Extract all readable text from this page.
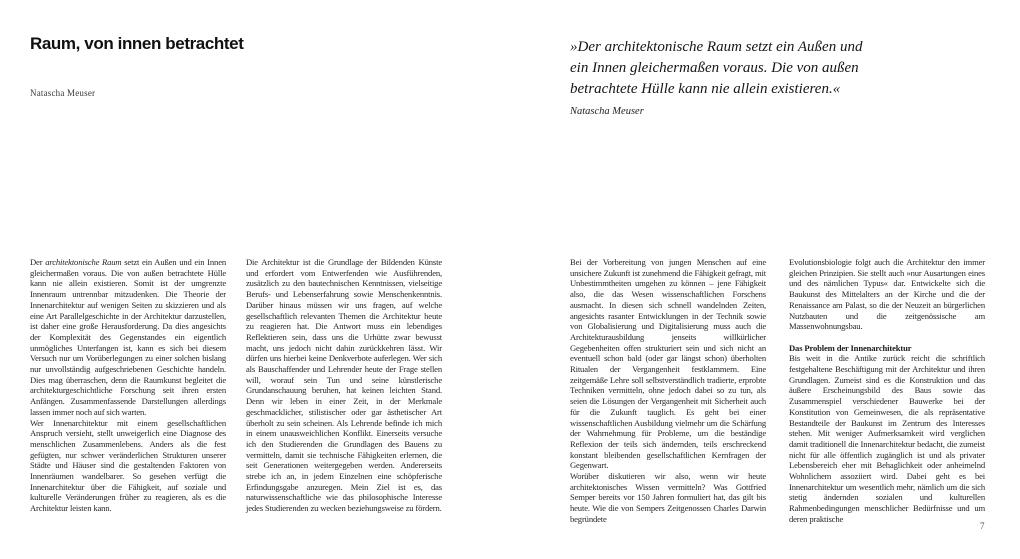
Raum, von innen betrachtet
Natascha Meuser
»Der architektonische Raum setzt ein Außen und
ein Innen gleichermaßen voraus. Die von außen
betrachtete Hülle kann nie allein existieren.«
Natascha Meuser

Der architektonische Raum setzt ein Außen und ein Innen gleichermaßen voraus. Die von außen betrachtete Hülle kann nie allein existieren. Somit ist der umgrenzte Innenraum untrennbar mitzudenken. Die Theorie der Innenarchitektur auf wenigen Seiten zu skizzieren und als eine Art Parallelgeschichte in der Architektur darzustellen, ist daher eine große Herausforderung. Da dies angesichts der Komplexität des Gegenstandes ein eigentlich unmögliches Unterfangen ist, kann es sich bei diesem Versuch nur um Vorüberlegungen zu einer solchen bislang nur unvollständig aufgeschriebenen Geschichte handeln. Dies mag überraschen, denn die Raumkunst begleitet die architekturgeschichtliche Forschung seit ihren ersten Anfängen. Zusammenfassende Darstellungen allerdings lassen immer noch auf sich warten.

Wer Innenarchitektur mit einem gesellschaftlichen Anspruch versieht, stellt unweigerlich eine Diagnose des menschlichen Zusammenlebens. Anders als die fest gefügten, nur schwer veränderlichen Strukturen unserer Städte und Häuser sind die gestaltenden Faktoren von Innenräumen wandelbarer. So gesehen verfügt die Innenarchitektur über die Fähigkeit, auf soziale und kulturelle Veränderungen früher zu reagieren, als es die Architektur leisten kann.

Die Architektur ist die Grundlage der Bildenden Künste und erfordert vom Entwerfenden wie Ausführenden, zusätzlich zu den bautechnischen Kenntnissen, vielseitige Berufs- und Lebenserfahrung sowie Menschenkenntnis. Darüber hinaus müssen wir uns fragen, auf welche gesellschaftlich relevanten Themen die Architektur heute zu reagieren hat. Die Antwort muss ein lebendiges Reflektieren sein, dass uns die Urhütte zwar bewusst macht, uns jedoch nicht dahin zurückkehren lässt. Wir dürfen uns hierbei keine Denkverbote auferlegen. Wer sich als Bauschaffender und Lehrender heute der Frage stellen will, worauf sein Tun und seine künstlerische Grundanschauung beruhen, hat keinen leichten Stand. Denn wir leben in einer Zeit, in der Merkmale geschmacklicher, stilistischer oder gar ästhetischer Art überholt zu sein scheinen. Als Lehrende befinde ich mich in einem unausweichlichen Konflikt. Einerseits versuche ich den Studierenden die Grundlagen des Bauens zu vermitteln, damit sie technische Fähigkeiten erlernen, die seit Generationen weitergegeben werden. Andererseits strebe ich an, in jedem Einzelnen eine schöpferische Erfindungsgabe anzuregen. Mein Ziel ist es, das naturwissenschaftliche wie das philosophische Interesse jedes Studierenden zu wecken beziehungsweise zu fördern.

Bei der Vorbereitung von jungen Menschen auf eine unsichere Zukunft ist zunehmend die Fähigkeit gefragt, mit Unbestimmtheiten umgehen zu können – jene Fähigkeit also, die das Wesen wissenschaftlichen Forschens ausmacht. In diesen sich schnell wandelnden Zeiten, angesichts rasanter Entwicklungen in der Technik sowie von Globalisierung und Digitalisierung muss auch die Architekturausbildung jenseits willkürlicher Gegebenheiten offen strukturiert sein und sich nicht an eventuell schon bald (oder gar längst schon) überholten Ritualen der Vergangenheit festklammern. Eine zeitgemäße Lehre soll selbstverständlich tradierte, erprobte Techniken vermitteln, ohne jedoch dabei so zu tun, als seien die Lösungen der Vergangenheit mit Sicherheit auch für die Zukunft tauglich. Es geht bei einer wissenschaftlichen Ausbildung vielmehr um die Schärfung der Wahrnehmung für Probleme, um die beständige Reflexion der teils sich ändernden, teils erschreckend konstant bleibenden gesellschaftlichen Kernfragen der Gegenwart.

Worüber diskutieren wir also, wenn wir heute architektonisches Wissen vermitteln? Was Gottfried Semper bereits vor 150 Jahren formuliert hat, das gilt bis heute. Wie die von Sempers Zeitgenossen Charles Darwin begründete

Evolutionsbiologie folgt auch die Architektur den immer gleichen Prinzipien. Sie stellt auch »nur Ausartungen eines und des nämlichen Typus« dar. Entwickelte sich die Baukunst des Mittelalters an der Kirche und die der Renaissance am Palast, so die der Neuzeit an bürgerlichen Nutzbauten und die zeitgenössische am Massenwohnungsbau.

Das Problem der Innenarchitektur

Bis weit in die Antike zurück reicht die schriftlich festgehaltene Beschäftigung mit der Architektur und ihren Grundlagen. Zumeist sind es die Konstruktion und das äußere Erscheinungsbild des Baus sowie das Zusammenspiel verschiedener Bauwerke bei der Konstitution von Gemeinwesen, die als repräsentative Bestandteile der Baukunst im Zentrum des Interesses stehen. Mit weniger Aufmerksamkeit wird verglichen damit traditionell die Innenarchitektur bedacht, die zumeist nicht für alle öffentlich zugänglich ist und als privater Lebensbereich eher mit Behaglichkeit oder anheimelnd Wohnlichem assoziiert wird. Dabei geht es bei Innenarchitektur um wesentlich mehr, nämlich um die sich stetig ändernden sozialen und kulturellen Rahmenbedingungen menschlicher Bedürfnisse und um deren praktische

7
